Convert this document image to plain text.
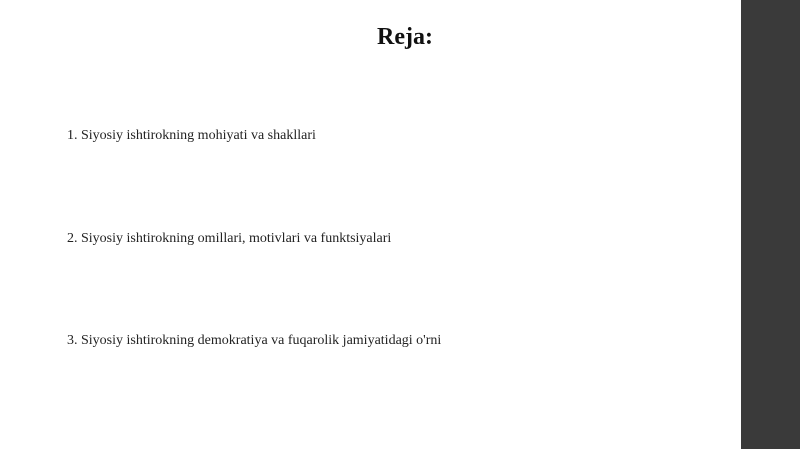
Reja:

1. Siyosiy ishtirokning mohiyati va shakllari

2. Siyosiy ishtirokning omillari, motivlari va funktsiyalari

3. Siyosiy ishtirokning demokratiya va fuqarolik jamiyatidagi o'rni
